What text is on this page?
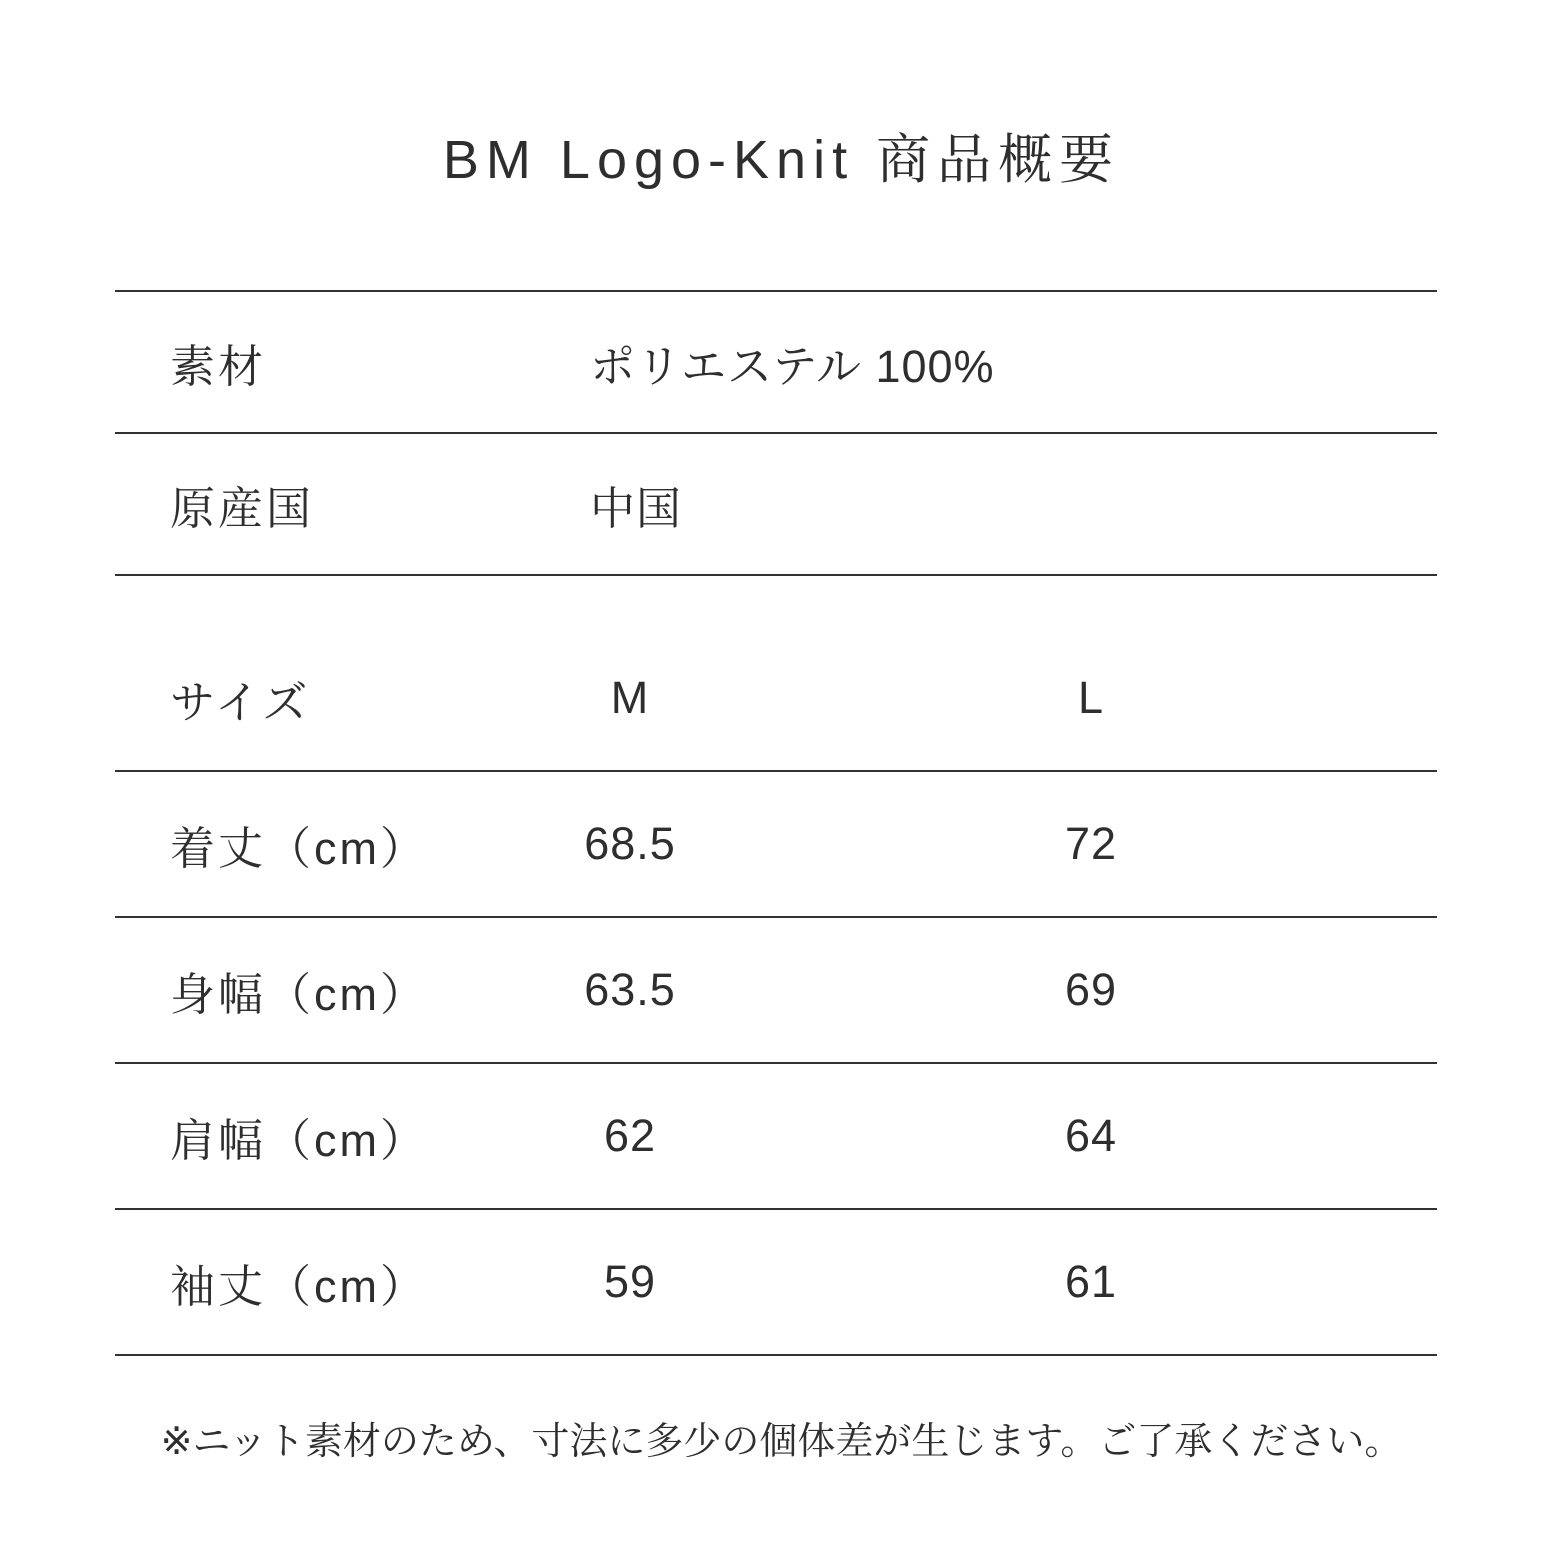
BM Logo-Knit 商品概要
素材	ポリエステル 100%
原産国	中国
サイズ	M	L
着丈（cm）	68.5	72
身幅（cm）	63.5	69
肩幅（cm）	62	64
袖丈（cm）	59	61
※ニット素材のため、寸法に多少の個体差が生じます。ご了承ください。
